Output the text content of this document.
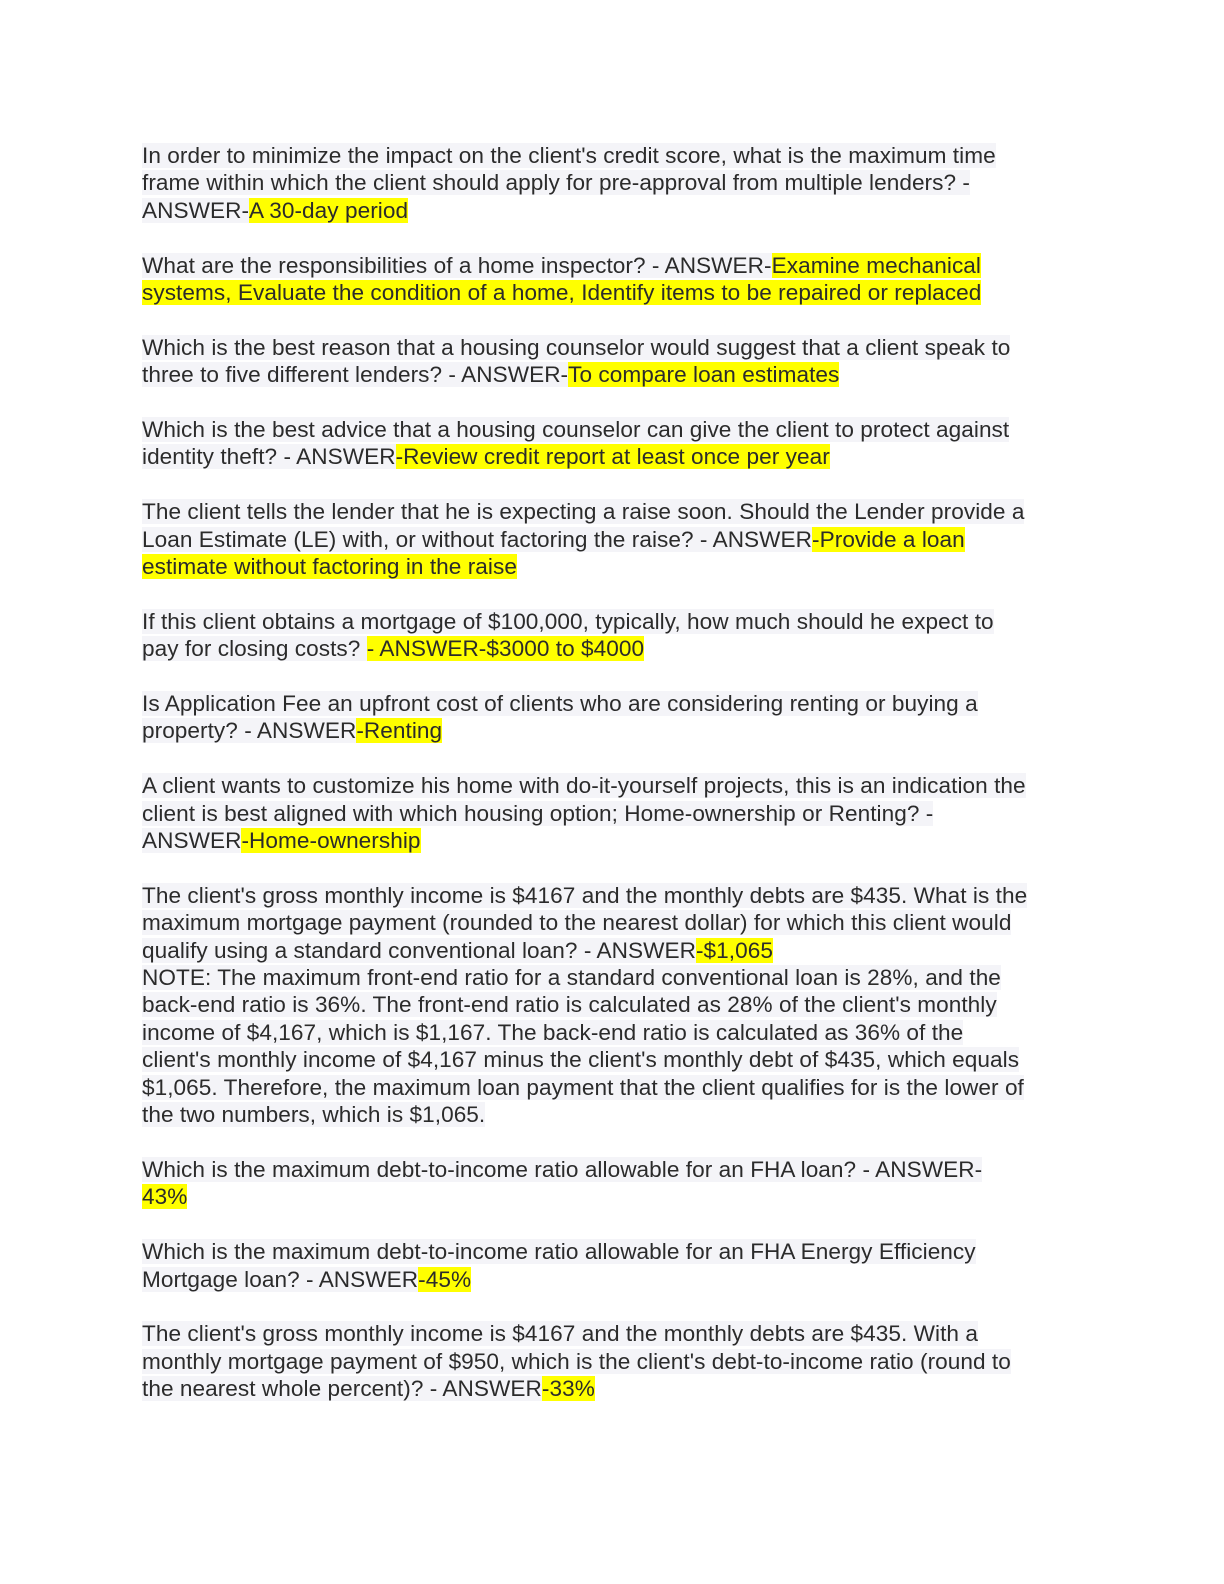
In order to minimize the impact on the client's credit score, what is the maximum time
frame within which the client should apply for pre-approval from multiple lenders? -
ANSWER-A 30-day period
What are the responsibilities of a home inspector? - ANSWER-Examine mechanical
systems, Evaluate the condition of a home, Identify items to be repaired or replaced
Which is the best reason that a housing counselor would suggest that a client speak to
three to five different lenders? - ANSWER-To compare loan estimates
Which is the best advice that a housing counselor can give the client to protect against
identity theft? - ANSWER-Review credit report at least once per year
The client tells the lender that he is expecting a raise soon. Should the Lender provide a
Loan Estimate (LE) with, or without factoring the raise? - ANSWER-Provide a loan
estimate without factoring in the raise
If this client obtains a mortgage of $100,000, typically, how much should he expect to
pay for closing costs? - ANSWER-$3000 to $4000
Is Application Fee an upfront cost of clients who are considering renting or buying a
property? - ANSWER-Renting
A client wants to customize his home with do-it-yourself projects, this is an indication the
client is best aligned with which housing option; Home-ownership or Renting? -
ANSWER-Home-ownership
The client's gross monthly income is $4167 and the monthly debts are $435. What is the
maximum mortgage payment (rounded to the nearest dollar) for which this client would
qualify using a standard conventional loan? - ANSWER-$1,065
NOTE: The maximum front-end ratio for a standard conventional loan is 28%, and the
back-end ratio is 36%. The front-end ratio is calculated as 28% of the client's monthly
income of $4,167, which is $1,167. The back-end ratio is calculated as 36% of the
client's monthly income of $4,167 minus the client's monthly debt of $435, which equals
$1,065. Therefore, the maximum loan payment that the client qualifies for is the lower of
the two numbers, which is $1,065.
Which is the maximum debt-to-income ratio allowable for an FHA loan? - ANSWER-
43%
Which is the maximum debt-to-income ratio allowable for an FHA Energy Efficiency
Mortgage loan? - ANSWER-45%
The client's gross monthly income is $4167 and the monthly debts are $435. With a
monthly mortgage payment of $950, which is the client's debt-to-income ratio (round to
the nearest whole percent)? - ANSWER-33%
